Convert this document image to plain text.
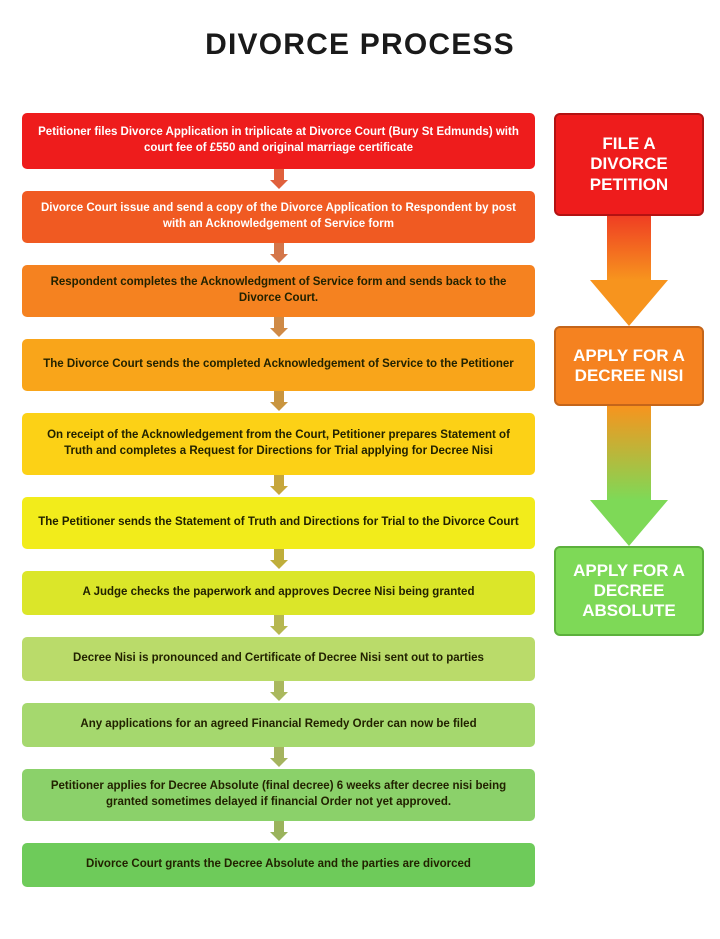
DIVORCE PROCESS
Petitioner files Divorce Application in triplicate at Divorce Court (Bury St Edmunds) with court fee of £550 and original marriage certificate
Divorce Court issue and send a copy of the Divorce Application to Respondent by post with an Acknowledgement of Service form
Respondent completes the Acknowledgment of Service form and sends back to the Divorce Court.
The Divorce Court sends the completed Acknowledgement of Service to the Petitioner
On receipt of the Acknowledgement from the Court, Petitioner prepares Statement of Truth and completes a Request for Directions for Trial applying for Decree Nisi
The Petitioner sends the Statement of Truth and Directions for Trial to the Divorce Court
A Judge checks the paperwork and approves Decree Nisi being granted
Decree Nisi is pronounced and Certificate of Decree Nisi sent out to parties
Any applications for an agreed Financial Remedy Order can now be filed
Petitioner applies for Decree Absolute (final decree) 6 weeks after decree nisi being granted sometimes delayed if financial Order not yet approved.
Divorce Court grants the Decree Absolute and the parties are divorced
FILE A DIVORCE PETITION
APPLY FOR A DECREE NISI
APPLY FOR A DECREE ABSOLUTE
